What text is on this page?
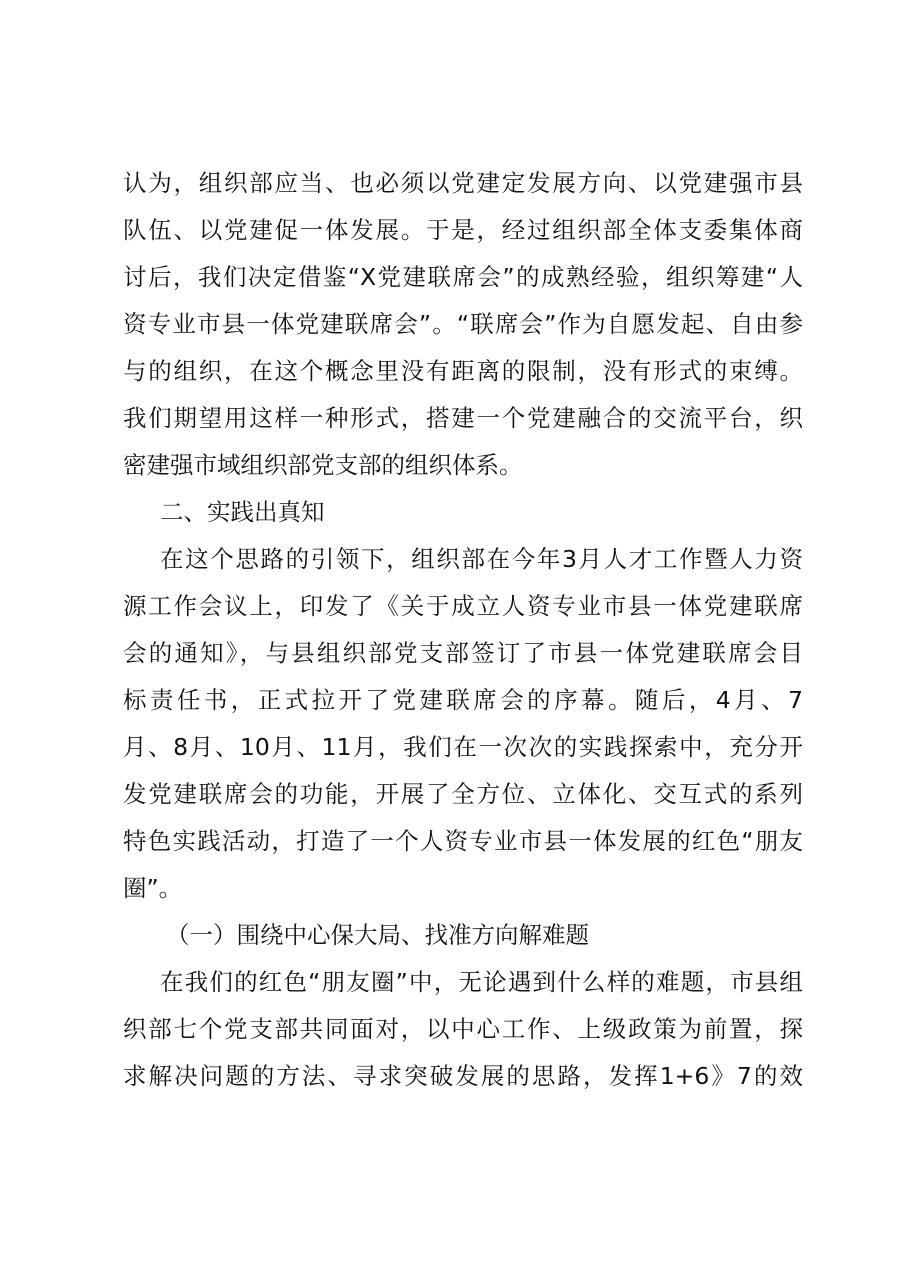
认为，组织部应当、也必须以党建定发展方向、以党建强市县
队伍、以党建促一体发展。于是，经过组织部全体支委集体商
讨后，我们决定借鉴“X党建联席会”的成熟经验，组织筹建“人
资专业市县一体党建联席会”。“联席会”作为自愿发起、自由参
与的组织，在这个概念里没有距离的限制，没有形式的束缚。
我们期望用这样一种形式，搭建一个党建融合的交流平台，织
密建强市域组织部党支部的组织体系。
二、实践出真知
在这个思路的引领下，组织部在今年3月人才工作暨人力资
源工作会议上，印发了《关于成立人资专业市县一体党建联席
会的通知》，与县组织部党支部签订了市县一体党建联席会目
标责任书，正式拉开了党建联席会的序幕。随后，4月、7
月、8月、10月、11月，我们在一次次的实践探索中，充分开
发党建联席会的功能，开展了全方位、立体化、交互式的系列
特色实践活动，打造了一个人资专业市县一体发展的红色“朋友
圈”。
（一）围绕中心保大局、找准方向解难题
在我们的红色“朋友圈”中，无论遇到什么样的难题，市县组
织部七个党支部共同面对，以中心工作、上级政策为前置，探
求解决问题的方法、寻求突破发展的思路，发挥1+6》7的效
